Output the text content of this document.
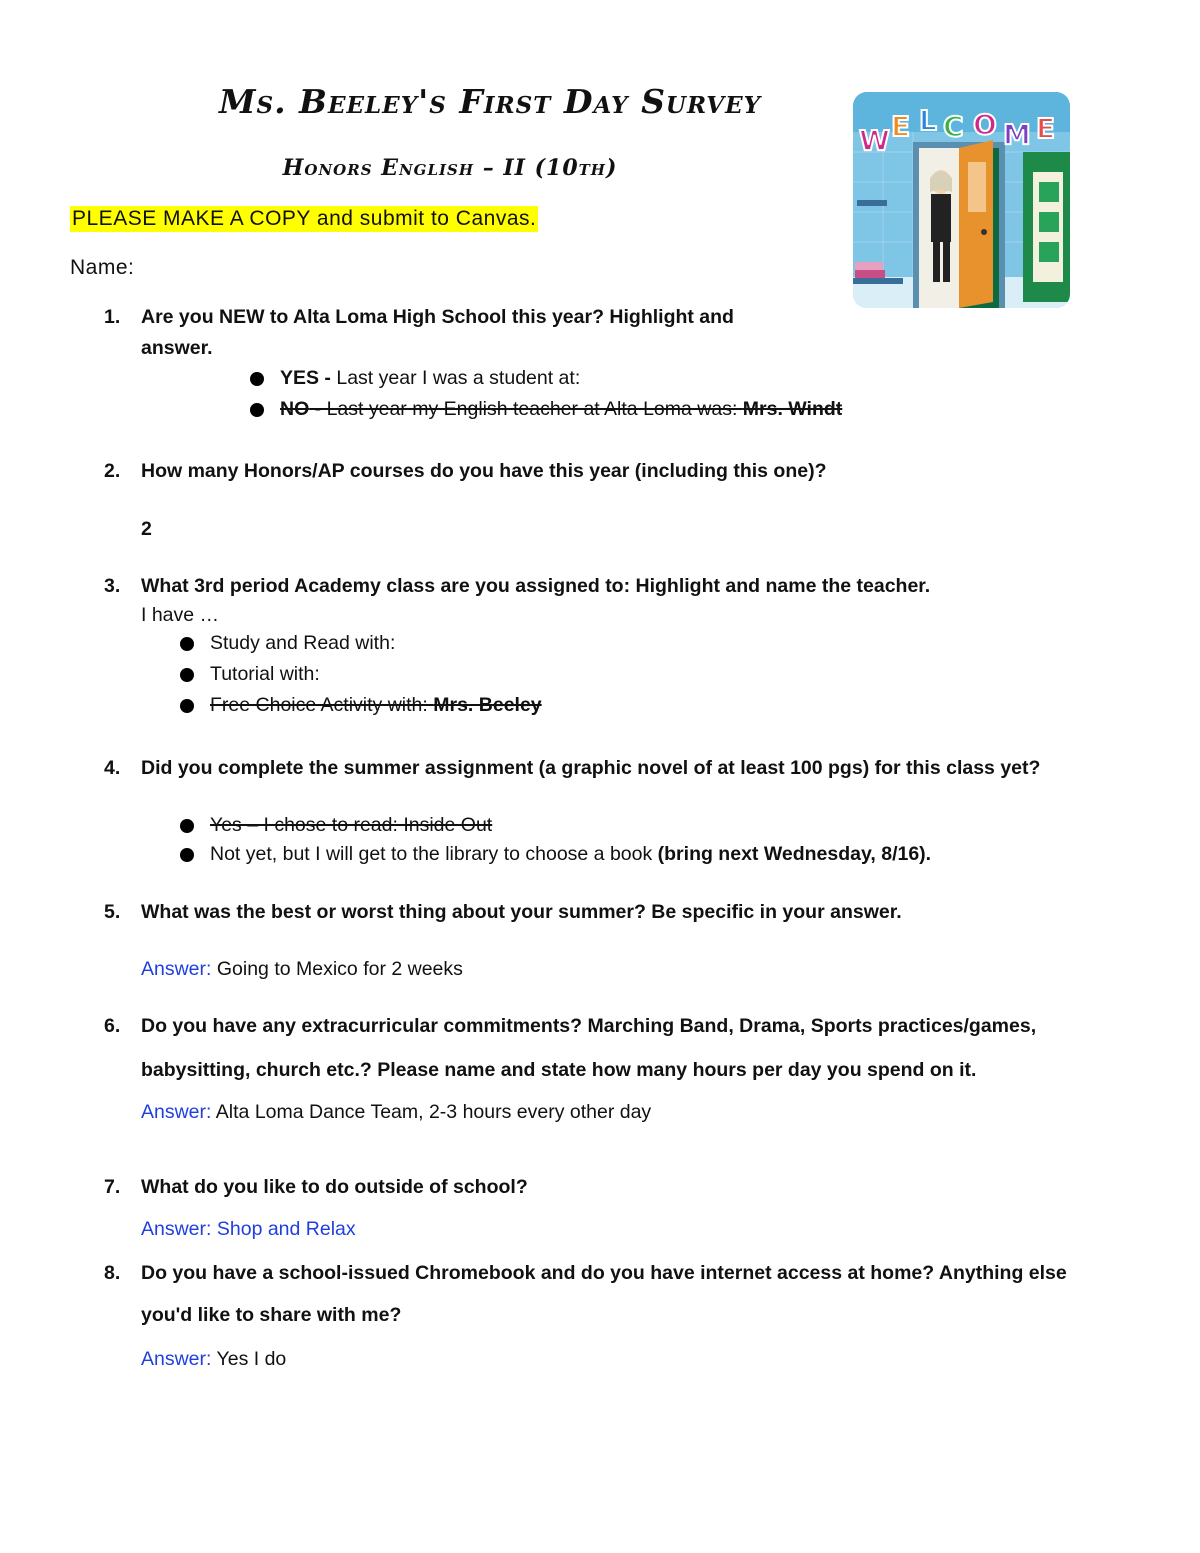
Ms. Beeley's First Day Survey
Honors English – II (10th)
PLEASE MAKE A COPY and submit to Canvas.
Name:
W E L C O M E
1.	Are you NEW to Alta Loma High School this year? Highlight and
answer.
YES - Last year I was a student at:
NO - Last year my English teacher at Alta Loma was: Mrs. Windt
2.	How many Honors/AP courses do you have this year (including this one)?
2
3.	What 3rd period Academy class are you assigned to: Highlight and name the teacher.
I have …
Study and Read with:
Tutorial with:
Free Choice Activity with: Mrs. Beeley
4.	Did you complete the summer assignment (a graphic novel of at least 100 pgs) for this class yet?
Yes – I chose to read: Inside Out
Not yet, but I will get to the library to choose a book (bring next Wednesday, 8/16).
5.	What was the best or worst thing about your summer? Be specific in your answer.
Answer: Going to Mexico for 2 weeks
6.	Do you have any extracurricular commitments? Marching Band, Drama, Sports practices/games,
babysitting, church etc.? Please name and state how many hours per day you spend on it.
Answer: Alta Loma Dance Team, 2-3 hours every other day
7.	What do you like to do outside of school?
Answer: Shop and Relax
8.	Do you have a school-issued Chromebook and do you have internet access at home? Anything else
you'd like to share with me?
Answer: Yes I do
